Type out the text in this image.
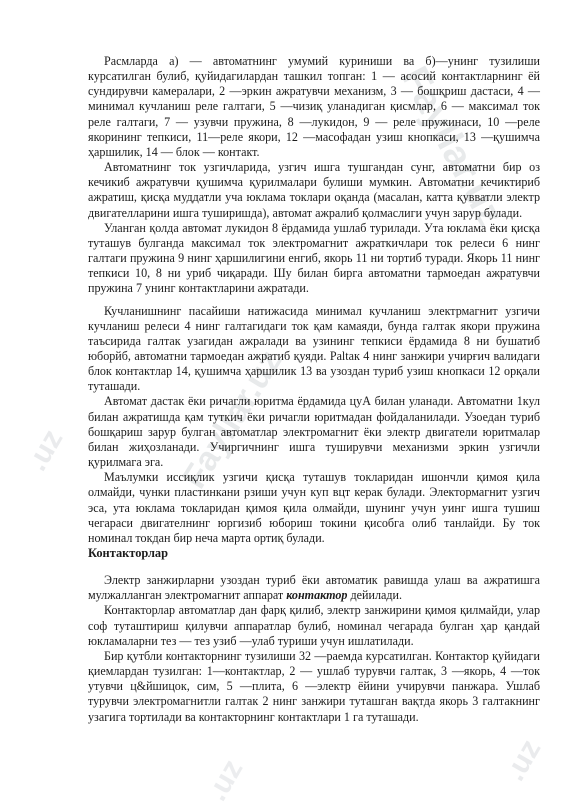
Fayllar.uz
Fayllar.uz
.uz
.uz
.uz

Расмларда а) — автоматнинг умумий куриниши ва б)—унинг тузилиши курсатилган булиб, қуйидагилардан ташкил топган: 1 — асосий контактларнинг ёй сундирувчи камералари, 2 —эркин ажратувчи механизм, 3 — бошқриш дастаси, 4 —минимал кучланиш реле галтаги, 5 —чизиқ уланадиган қисмлар, 6 — максимал ток реле галтаги, 7 — узувчи пружина, 8 —лукидон, 9 — реле пружинаси, 10 —реле якорининг тепкиси, 11—реле якори, 12 —масофадан узиш кнопкаси, 13 —қушимча ҳаршилик, 14 — блок — контакт.

Автоматнинг ток узгичларида, узгич ишга тушгандан сунг, автоматни бир оз кечикиб ажратувчи қушимча қурилмалари булиши мумкин. Автоматни кечиктириб ажратиш, қисқа муддатли уча юклама токлари оқанда (масалан, катта қувватли электр двигателларини ишга туширишда), автомат ажралиб қолмаслиги учун зарур булади.

Уланган қолда автомат лукидон 8 ёрдамида ушлаб турилади. Ута юклама ёки қисқа туташув булганда максимал ток электромагнит ажраткичлари ток релеси 6 нинг галтаги пружина 9 нинг ҳаршилигини енгиб, якорь 11 ни тортиб туради. Якорь 11 нинг тепкиси 10, 8 ни уриб чиқаради. Шу билан бирга автоматни тармоедан ажратувчи пружина 7 унинг контактларини ажратади.

Кучланишнинг пасайиши натижасида минимал кучланиш электрмагнит узгичи кучланиш релеси 4 нинг галтагидаги ток қам камаяди, бунда галтак якори пружина таъсирида галтак узагидан ажралади ва узининг тепкиси ёрдамида 8 ни бушатиб юборйб, автоматни тармоедан ажратиб қуяди. Раltак 4 нинг занжири учирғич валидаги блок контактлар 14, қушимча ҳаршилик 13 ва узоздан туриб узиш кнопкаси 12 орқали туташади.

Автомат дастак ёки ричагли юритма ёрдамида цуА билан уланади. Автоматни 1кул билан ажратишда қам туткич ёки ричагли юритмадан фойдаланилади. Узоедан туриб бошқариш зарур булган автоматлар электромагнит ёки электр двигатели юритмалар билан жиҳозланади. Учиргичнинг ишга туширувчи механизми эркин узгичли қурилмага эга.

Маълумки иссиқлик узгичи қисқа туташув токларидан ишончли қимоя қила олмайди, чунки пластинкани рзиши учун куп вцт керак булади. Электормагнит узгич эса, ута юклама токларидан қимоя қила олмайди, шунинг учун уинг ишга тушиш чегараси двигателнинг юргизиб юбориш токини қисобга олиб танлайди. Бу ток номинал токдан бир неча марта ортиқ булади.

Контакторлар

Электр занжирларни узоздан туриб ёки автоматик равишда улаш ва ажратишга мулжалланган электромагнит аппарат контактор дейилади.

Контакторлар автоматлар дан фарқ қилиб, электр занжирини қимоя қилмайди, улар соф туташтириш қилувчи аппаратлар булиб, номинал чегарада булган ҳар қандай юкламаларни тез — тез узиб —улаб туриши учун ишлатилади.

Бир қутбли контакторнинг тузилиши 32 —раемда курсатилган. Контактор қуйидаги қиемлардан тузилган: 1—контактлар, 2 — ушлаб турувчи галтак, 3 —якорь, 4 —ток утувчи ц&йшицок, сим, 5 —плита, 6 —электр ёйини учирувчи панжара. Ушлаб турувчи электромагнитли галтак 2 нинг занжири туташган вақтда якорь 3 галтакнинг узагига тортилади ва контакторнинг контактлари 1 га туташади.
